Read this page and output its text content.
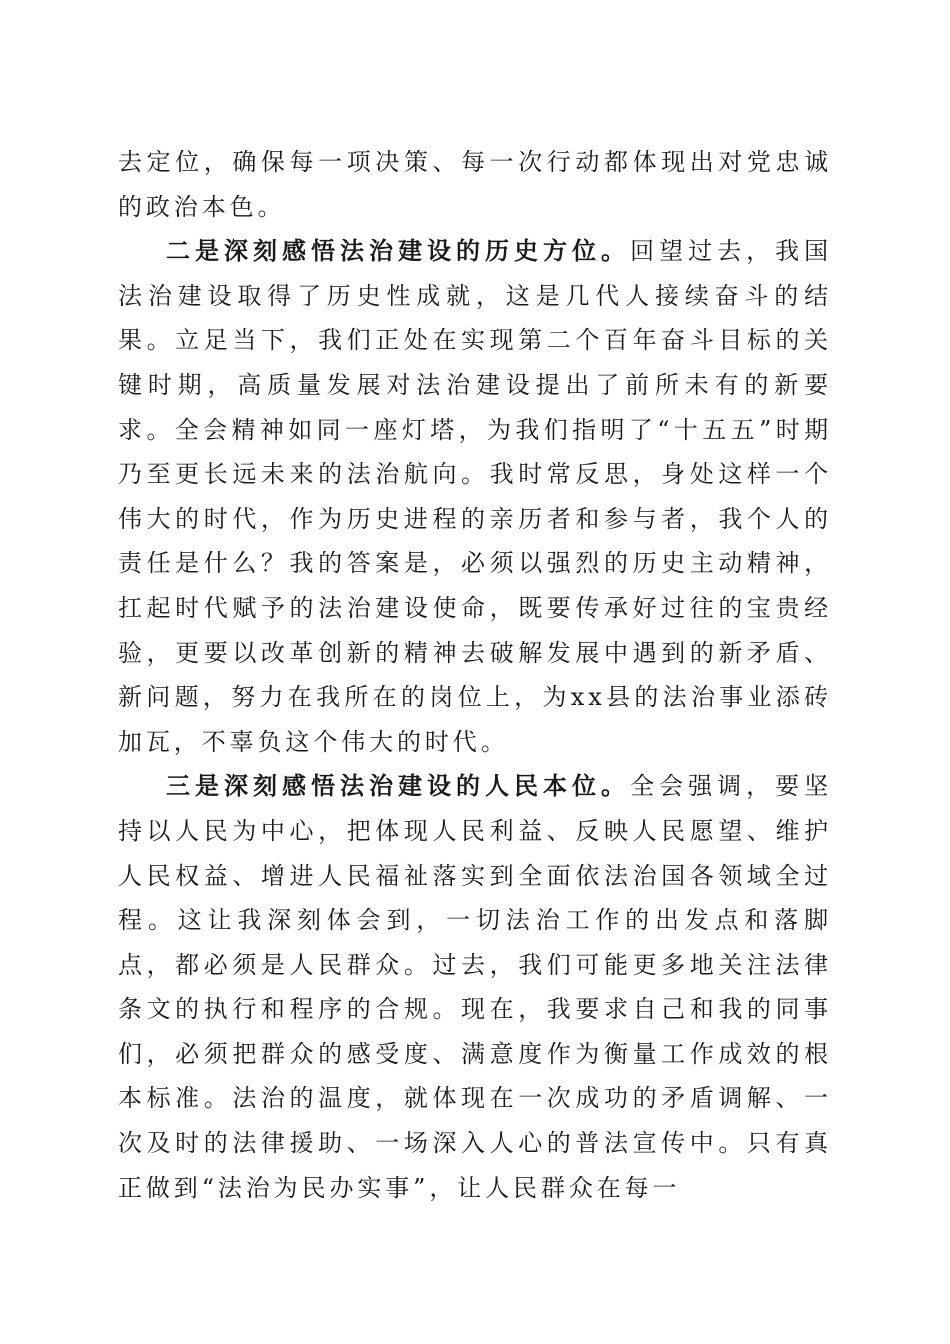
去定位，确保每一项决策、每一次行动都体现出对党忠诚的政治本色。

二是深刻感悟法治建设的历史方位。回望过去，我国法治建设取得了历史性成就，这是几代人接续奋斗的结果。立足当下，我们正处在实现第二个百年奋斗目标的关键时期，高质量发展对法治建设提出了前所未有的新要求。全会精神如同一座灯塔，为我们指明了“十五五”时期乃至更长远未来的法治航向。我时常反思，身处这样一个伟大的时代，作为历史进程的亲历者和参与者，我个人的责任是什么？我的答案是，必须以强烈的历史主动精神，扛起时代赋予的法治建设使命，既要传承好过往的宝贵经验，更要以改革创新的精神去破解发展中遇到的新矛盾、新问题，努力在我所在的岗位上，为xx县的法治事业添砖加瓦，不辜负这个伟大的时代。

三是深刻感悟法治建设的人民本位。全会强调，要坚持以人民为中心，把体现人民利益、反映人民愿望、维护人民权益、增进人民福祉落实到全面依法治国各领域全过程。这让我深刻体会到，一切法治工作的出发点和落脚点，都必须是人民群众。过去，我们可能更多地关注法律条文的执行和程序的合规。现在，我要求自己和我的同事们，必须把群众的感受度、满意度作为衡量工作成效的根本标准。法治的温度，就体现在一次成功的矛盾调解、一次及时的法律援助、一场深入人心的普法宣传中。只有真正做到“法治为民办实事”，让人民群众在每一
